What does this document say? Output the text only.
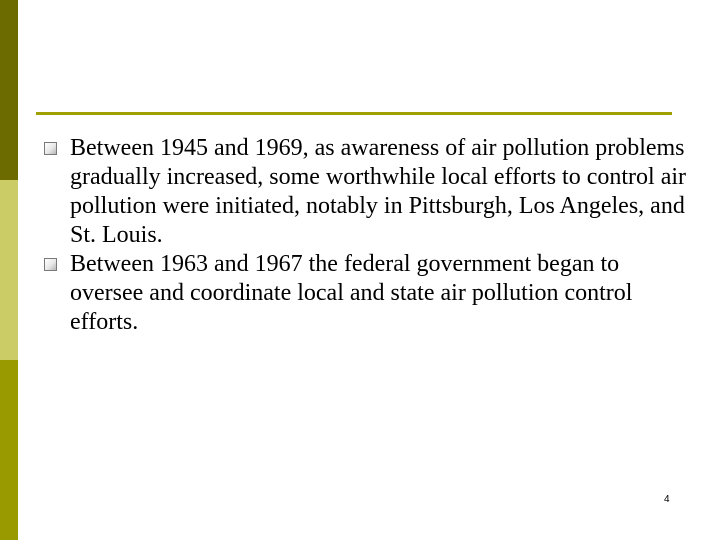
Between 1945 and 1969, as awareness of air pollution problems gradually increased, some worthwhile local efforts to control air pollution were initiated, notably in Pittsburgh, Los Angeles, and St. Louis.
Between 1963 and 1967 the federal government began to oversee and coordinate local and state air pollution control efforts.
4
